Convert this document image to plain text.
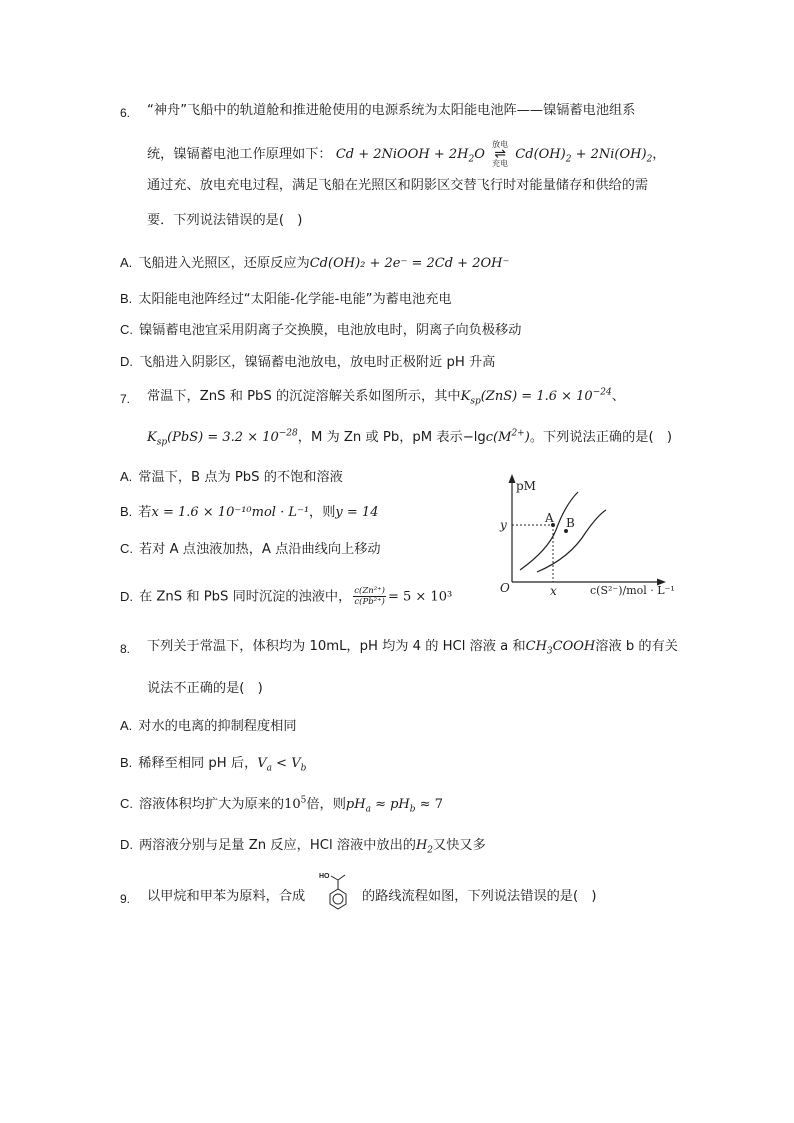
6. “神舟”飞船中的轨道舱和推进舱使用的电源系统为太阳能电池阵——镍镉蓄电池组系
统，镍镉蓄电池工作原理如下： Cd + 2NiOOH + $2H_2O$
放电
⇌
充电
$Cd(OH)_2 + 2Ni(OH)_2$，
通过充、放电充电过程，满足飞船在光照区和阴影区交替飞行时对能量储存和供给的需
要．下列说法错误的是(　)
A. 飞船进入光照区，还原反应为Cd(OH)₂ + 2e⁻ = 2Cd + 2OH⁻
B. 太阳能电池阵经过“太阳能-化学能-电能”为蓄电池充电
C. 镍镉蓄电池宜采用阴离子交换膜，电池放电时，阴离子向负极移动
D. 飞船进入阴影区，镍镉蓄电池放电，放电时正极附近 pH 升高
7. 常温下，ZnS 和 PbS 的沉淀溶解关系如图所示，其中$K_{sp}(ZnS) = 1.6 \times 10^{-24}$、
$K_{sp}(PbS) = 3.2 \times 10^{-28}$，M 为 Zn 或 Pb，pM 表示$-\lg c(M^{2+})$。下列说法正确的是(　)
A. 常温下，B 点为 PbS 的不饱和溶液
B. 若x = 1.6 × 10⁻¹⁰mol · L⁻¹，则y = 14
C. 若对 A 点浊液加热，A 点沿曲线向上移动
D. 在 ZnS 和 PbS 同时沉淀的浊液中， $\frac{\text{c(Zn²⁺)}}{\text{c(Pb²⁺)}} = 5 \times 10^3$
pM
c(S²⁻)/mol · L⁻¹
O
A B
x
y
8. 下列关于常温下，体积均为 10mL，pH 均为 4 的 HCl 溶液 a 和$CH_3COOH$溶液 b 的有关
说法不正确的是(　)
A. 对水的电离的抑制程度相同
B. 稀释至相同 pH 后，$V_a < V_b$
C. 溶液体积均扩大为原来的$10^5$倍，则$pH_a \approx pH_b \approx 7$
D. 两溶液分别与足量 Zn 反应，HCl 溶液中放出的$H_2$又快又多
9. 以甲烷和甲苯为原料，合成
HO
的路线流程如图，下列说法错误的是(　)
